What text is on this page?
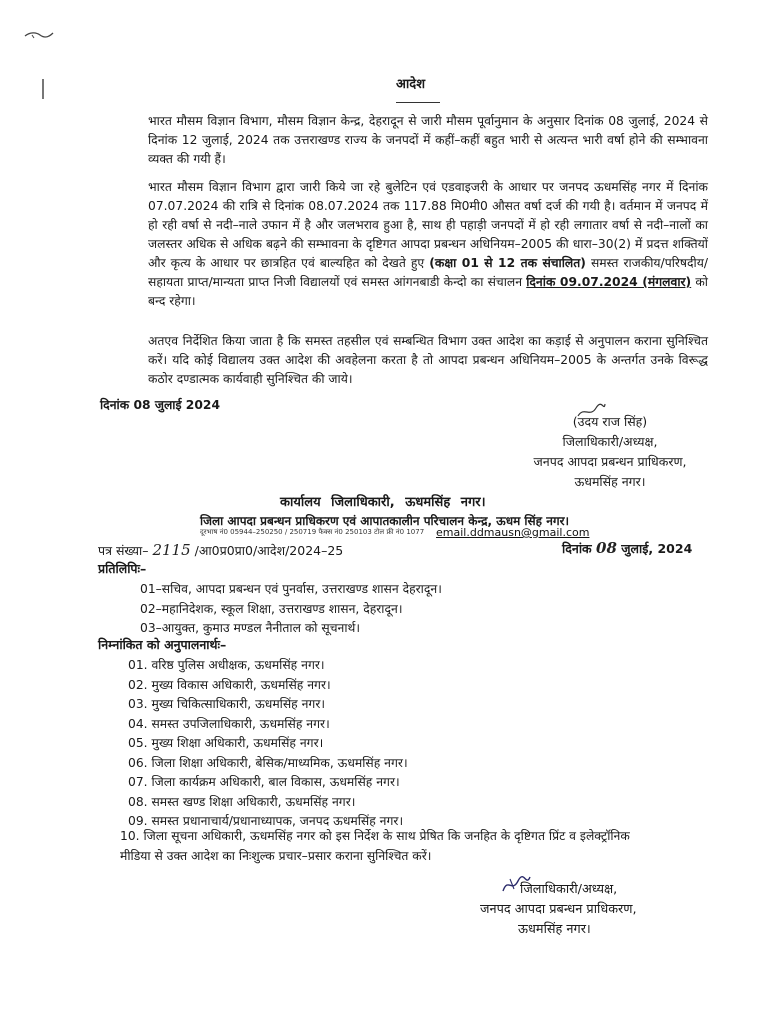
आदेश

भारत मौसम विज्ञान विभाग, मौसम विज्ञान केन्द्र, देहरादून से जारी मौसम पूर्वानुमान के अनुसार दिनांक 08 जुलाई, 2024 से दिनांक 12 जुलाई, 2024 तक उत्तराखण्ड राज्य के जनपदों में कहीं–कहीं बहुत भारी से अत्यन्त भारी वर्षा होने की सम्भावना व्यक्त की गयी हैं।

भारत मौसम विज्ञान विभाग द्वारा जारी किये जा रहे बुलेटिन एवं एडवाइजरी के आधार पर जनपद ऊधमसिंह नगर में दिनांक 07.07.2024 की रात्रि से दिनांक 08.07.2024 तक 117.88 मि0मी0 औसत वर्षा दर्ज की गयी है। वर्तमान में जनपद में हो रही वर्षा से नदी–नाले उफान में है और जलभराव हुआ है, साथ ही पहाड़ी जनपदों में हो रही लगातार वर्षा से नदी–नालों का जलस्तर अधिक से अधिक बढ़ने की सम्भावना के दृष्टिगत आपदा प्रबन्धन अधिनियम–2005 की धारा–30(2) में प्रदत्त शक्तियों और कृत्य के आधार पर छात्रहित एवं बाल्यहित को देखते हुए (कक्षा 01 से 12 तक संचालित) समस्त राजकीय/परिषदीय/सहायता प्राप्त/मान्यता प्राप्त निजी विद्यालयों एवं समस्त आंगनबाडी केन्दो का संचालन दिनांक 09.07.2024 (मंगलवार) को बन्द रहेगा।

अतएव निर्देशित किया जाता है कि समस्त तहसील एवं सम्बन्धित विभाग उक्त आदेश का कड़ाई से अनुपालन कराना सुनिश्चित करें। यदि कोई विद्यालय उक्त आदेश की अवहेलना करता है तो आपदा प्रबन्धन अधिनियम–2005 के अन्तर्गत उनके विरूद्ध कठोर दण्डात्मक कार्यवाही सुनिश्चित की जाये।

दिनांक 08 जुलाई 2024
(उदय राज सिंह)
जिलाधिकारी/अध्यक्ष,
जनपद आपदा प्रबन्धन प्राधिकरण,
ऊधमसिंह नगर।
कार्यालय जिलाधिकारी, ऊधमसिंह नगर।
जिला आपदा प्रबन्धन प्राधिकरण एवं आपातकालीन परिचालन केन्द्र, ऊधम सिंह नगर।
दूरभाष नं0 05944–250250 / 250719 फैक्स नं0 250103 टोल फ्री नं0 1077 email.ddmausn@gmail.com
पत्र संख्या– 2115 /आ0प्र0प्रा0/आदेश/2024–25	दिनांक 08 जुलाई, 2024
प्रतिलिपिः–
01–सचिव, आपदा प्रबन्धन एवं पुनर्वास, उत्तराखण्ड शासन देहरादून।
02–महानिदेशक, स्कूल शिक्षा, उत्तराखण्ड शासन, देहरादून।
03–आयुक्त, कुमाउ मण्डल नैनीताल को सूचनार्थ।
निम्नांकित को अनुपालनार्थः–
01. वरिष्ठ पुलिस अधीक्षक, ऊधमसिंह नगर।
02. मुख्य विकास अधिकारी, ऊधमसिंह नगर।
03. मुख्य चिकित्साधिकारी, ऊधमसिंह नगर।
04. समस्त उपजिलाधिकारी, ऊधमसिंह नगर।
05. मुख्य शिक्षा अधिकारी, ऊधमसिंह नगर।
06. जिला शिक्षा अधिकारी, बेसिक/माध्यमिक, ऊधमसिंह नगर।
07. जिला कार्यक्रम अधिकारी, बाल विकास, ऊधमसिंह नगर।
08. समस्त खण्ड शिक्षा अधिकारी, ऊधमसिंह नगर।
09. समस्त प्रधानाचार्य/प्रधानाध्यापक, जनपद ऊधमसिंह नगर।

10. जिला सूचना अधिकारी, ऊधमसिंह नगर को इस निर्देश के साथ प्रेषित कि जनहित के दृष्टिगत प्रिंट व इलेक्ट्रॉनिक मीडिया से उक्त आदेश का निःशुल्क प्रचार–प्रसार कराना सुनिश्चित करें।

जिलाधिकारी/अध्यक्ष,
जनपद आपदा प्रबन्धन प्राधिकरण,
ऊधमसिंह नगर।
